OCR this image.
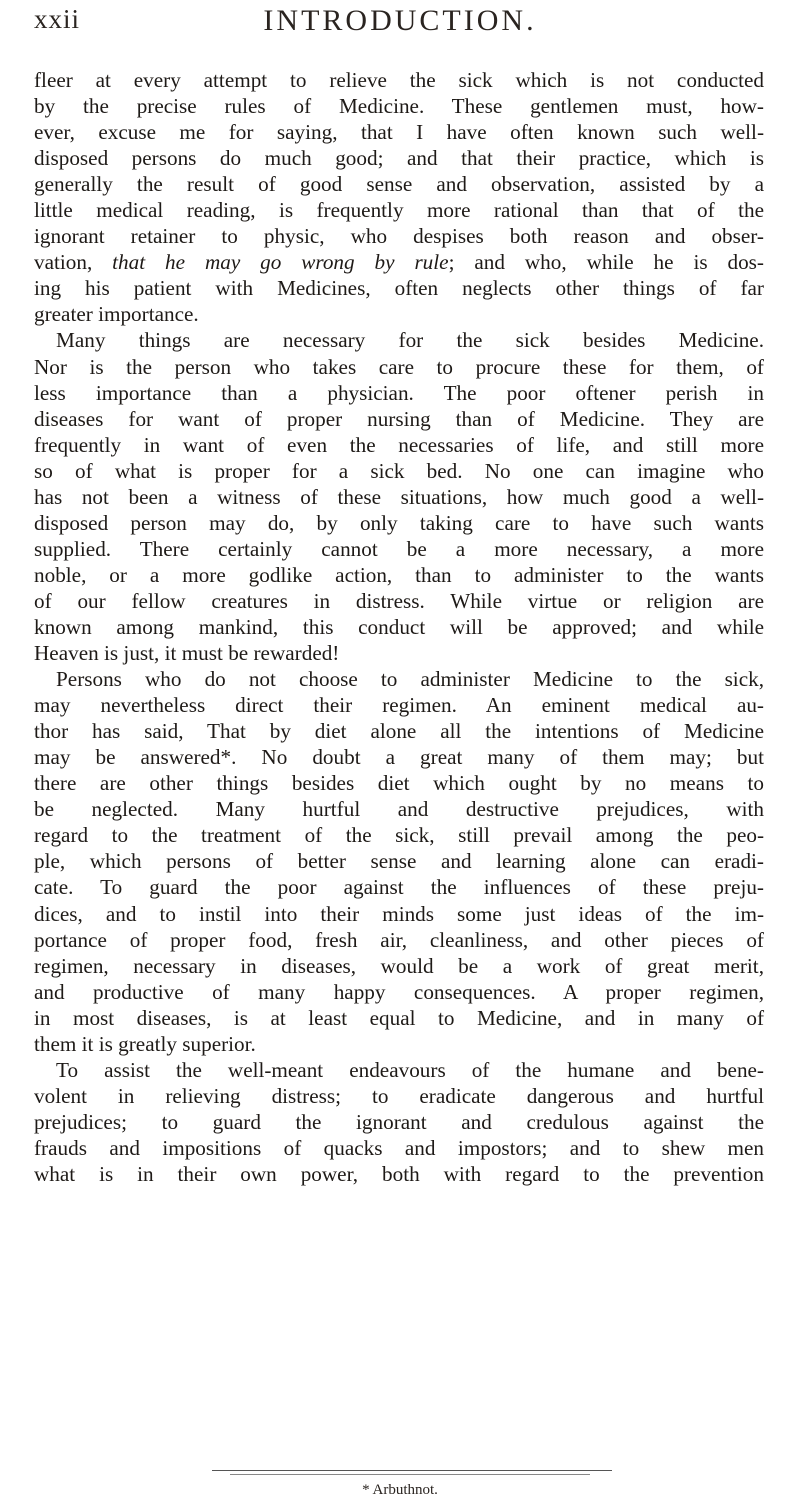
xxii	INTRODUCTION.
fleer at every attempt to relieve the sick which is not conducted
by the precise rules of Medicine. These gentlemen must, how-
ever, excuse me for saying, that I have often known such well-
disposed persons do much good; and that their practice, which is
generally the result of good sense and observation, assisted by a
little medical reading, is frequently more rational than that of the
ignorant retainer to physic, who despises both reason and obser-
vation, that he may go wrong by rule; and who, while he is dos-
ing his patient with Medicines, often neglects other things of far
greater importance.
Many things are necessary for the sick besides Medicine.
Nor is the person who takes care to procure these for them, of
less importance than a physician. The poor oftener perish in
diseases for want of proper nursing than of Medicine. They are
frequently in want of even the necessaries of life, and still more
so of what is proper for a sick bed. No one can imagine who
has not been a witness of these situations, how much good a well-
disposed person may do, by only taking care to have such wants
supplied. There certainly cannot be a more necessary, a more
noble, or a more godlike action, than to administer to the wants
of our fellow creatures in distress. While virtue or religion are
known among mankind, this conduct will be approved; and while
Heaven is just, it must be rewarded!
Persons who do not choose to administer Medicine to the sick,
may nevertheless direct their regimen. An eminent medical au-
thor has said, That by diet alone all the intentions of Medicine
may be answered*. No doubt a great many of them may; but
there are other things besides diet which ought by no means to
be neglected. Many hurtful and destructive prejudices, with
regard to the treatment of the sick, still prevail among the peo-
ple, which persons of better sense and learning alone can eradi-
cate. To guard the poor against the influences of these preju-
dices, and to instil into their minds some just ideas of the im-
portance of proper food, fresh air, cleanliness, and other pieces of
regimen, necessary in diseases, would be a work of great merit,
and productive of many happy consequences. A proper regimen,
in most diseases, is at least equal to Medicine, and in many of
them it is greatly superior.
To assist the well-meant endeavours of the humane and bene-
volent in relieving distress; to eradicate dangerous and hurtful
prejudices; to guard the ignorant and credulous against the
frauds and impositions of quacks and impostors; and to shew men
what is in their own power, both with regard to the prevention
* Arbuthnot.
